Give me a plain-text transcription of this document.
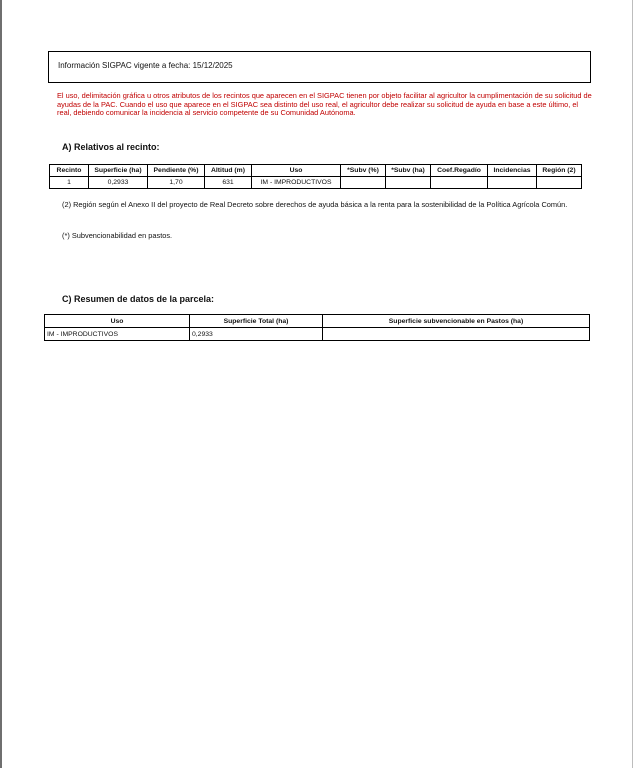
Información SIGPAC vigente a fecha: 15/12/2025
El uso, delimitación gráfica u otros atributos de los recintos que aparecen en el SIGPAC tienen por objeto facilitar al agricultor la cumplimentación de su solicitud de ayudas de la PAC. Cuando el uso que aparece en el SIGPAC sea distinto del uso real, el agricultor debe realizar su solicitud de ayuda en base a este último, el real, debiendo comunicar la incidencia al servicio competente de su Comunidad Autónoma.
A) Relativos al recinto:
Recinto	Superficie (ha)	Pendiente (%)	Altitud (m)	Uso	*Subv (%)	*Subv (ha)	Coef.Regadío	Incidencias	Región (2)
1	0,2933	1,70	631	IM - IMPRODUCTIVOS					
(2) Región según el Anexo II del proyecto de Real Decreto sobre derechos de ayuda básica a la renta para la sostenibilidad de la Política Agrícola Común.
(*) Subvencionabilidad en pastos.
C) Resumen de datos de la parcela:
Uso	Superficie Total (ha)	Superficie subvencionable en Pastos (ha)
IM - IMPRODUCTIVOS	0,2933	
